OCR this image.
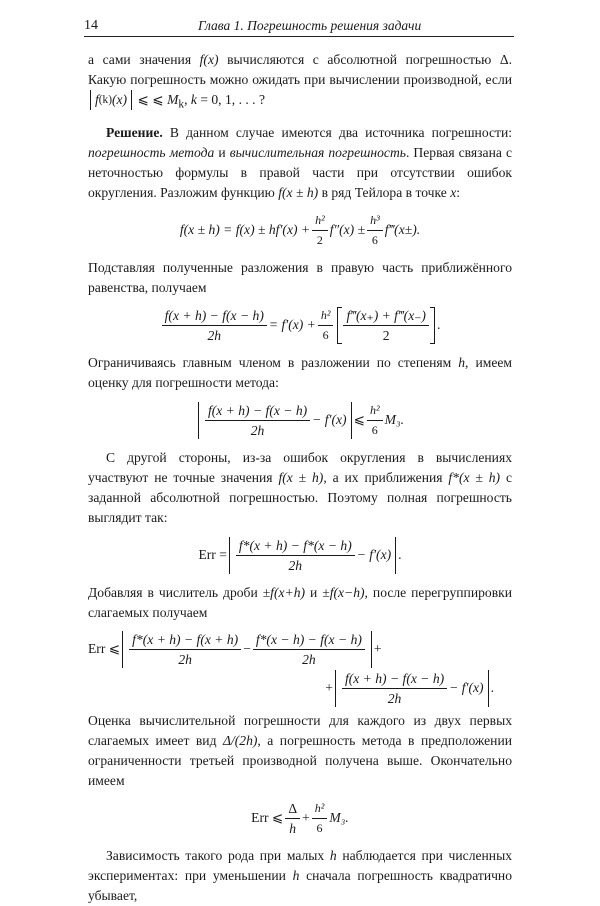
14	Глава 1. Погрешность решения задачи

а сами значения f(x) вычисляются с абсолютной погрешностью Δ. Какую погрешность можно ожидать при вычислении производной, если
f (k) (x) ⩽ ⩽ $M_k$, k = 0, 1, . . . ?

Решение. В данном случае имеются два источника погрешности: погрешность метода и вычислительная погрешность. Первая связана с неточностью формулы в правой части при отсутствии ошибок округления. Разложим функцию f(x ± h) в ряд Тейлора в точке x:

$f(x \pm h) = f(x) \pm hf'(x) + \frac{\text{h²}}{2} f''(x) \pm \frac{\text{h³}}{6}$ f‴(x±).

Подставляя полученные разложения в правую часть приближённого равенства, получаем

$\frac{f(x + h) - f(x - h)}{2h} = f'(x) + \frac{\text{h²}}{6} \frac{f‴(x_+) + f‴(x_-)}{2}$ .

Ограничиваясь главным членом в разложении по степеням h, имеем оценку для погрешности метода:

$\frac{f(x + h) - f(x - h)}{2h} - f'(x)$ ⩽ $\frac{\text{h²}}{6} M_3$.

С другой стороны, из-за ошибок округления в вычислениях участвуют не точные значения f(x ± h), а их приближения f*(x ± h) с заданной абсолютной погрешностью. Поэтому полная погрешность выглядит так:

Err = $\frac{f*(x + h) - f*(x - h)}{2h} - f'(x)$ .

Добавляя в числитель дроби ±f(x+h) и ±f(x−h), после перегруппировки слагаемых получаем

Err ⩽ $\frac{f*(x + h) - f(x + h)}{2h} - \frac{f*(x - h) - f(x - h)}{2h}$ +
+ $\frac{f(x + h) - f(x - h)}{2h} - f'(x)$ .

Оценка вычислительной погрешности для каждого из двух первых слагаемых имеет вид Δ/(2h), а погрешность метода в предположении ограниченности третьей производной получена выше. Окончательно имеем

Err ⩽ $\frac{\Delta}{h} + \frac{\text{h²}}{6} M_3$.

Зависимость такого рода при малых h наблюдается при численных экспериментах: при уменьшении h сначала погрешность квадратично убывает,
